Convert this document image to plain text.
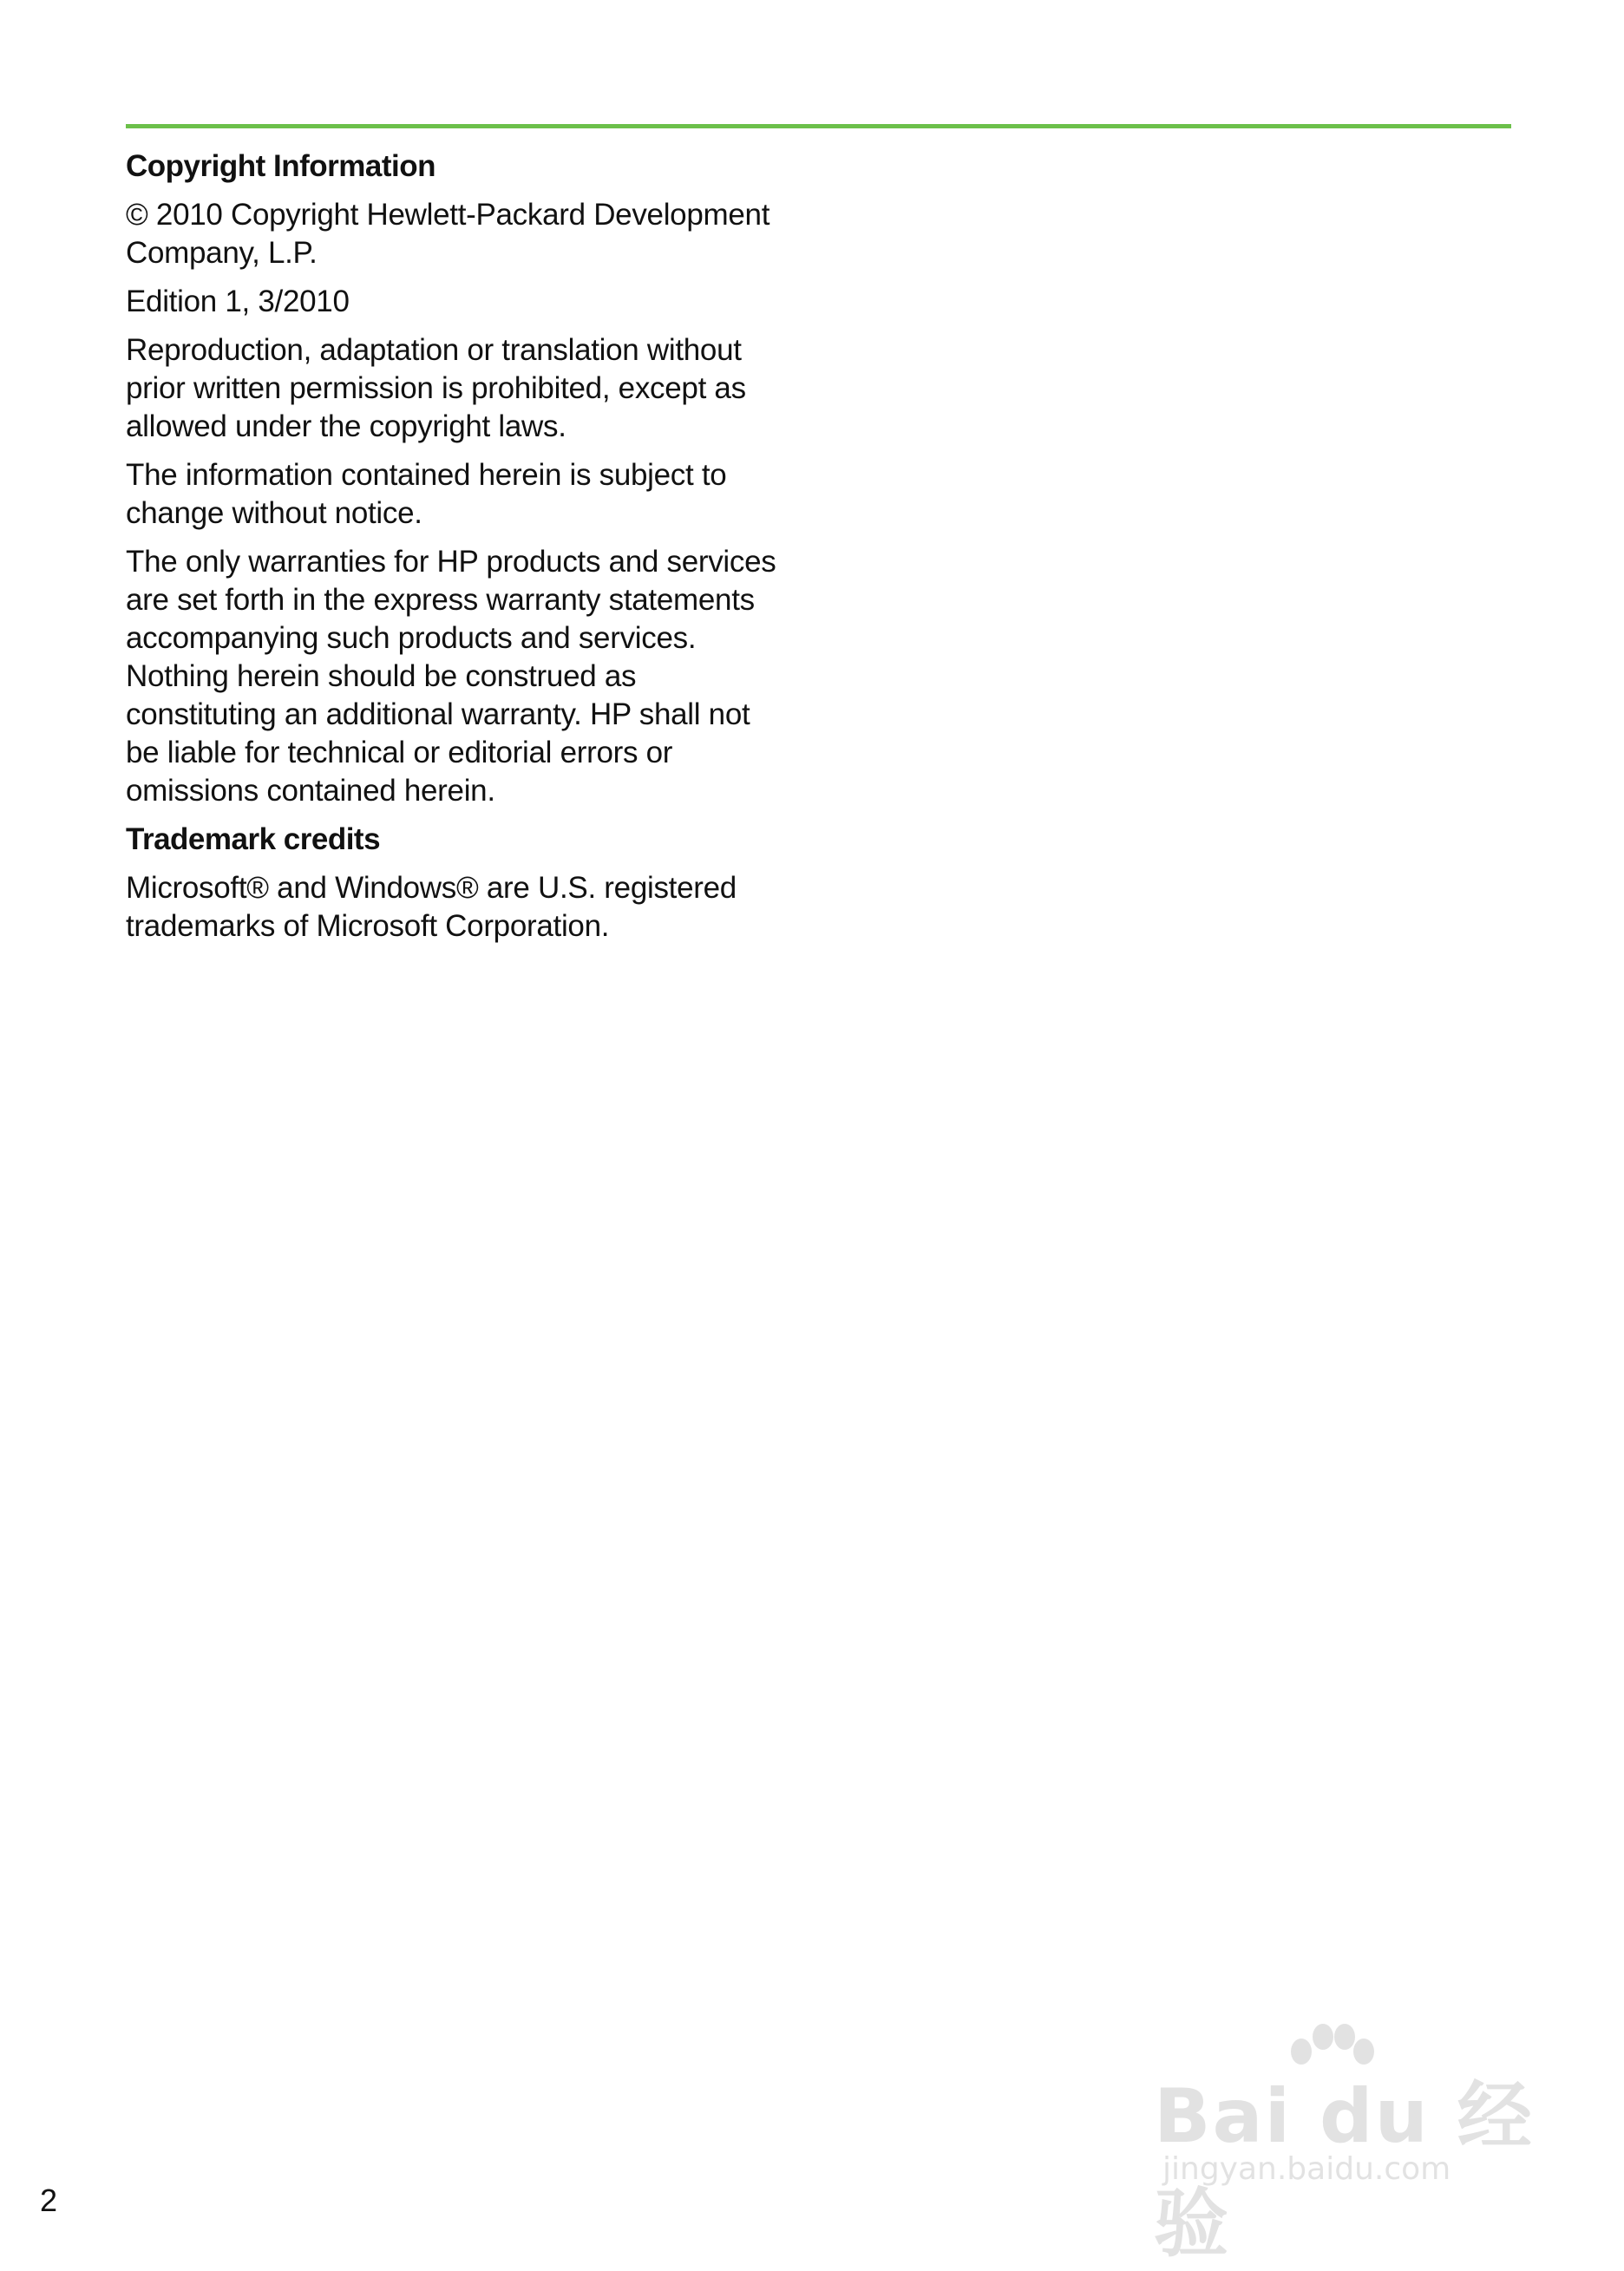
Copyright Information
© 2010 Copyright Hewlett-Packard Development
Company, L.P.
Edition 1, 3/2010
Reproduction, adaptation or translation without
prior written permission is prohibited, except as
allowed under the copyright laws.
The information contained herein is subject to
change without notice.
The only warranties for HP products and services
are set forth in the express warranty statements
accompanying such products and services.
Nothing herein should be construed as
constituting an additional warranty. HP shall not
be liable for technical or editorial errors or
omissions contained herein.
Trademark credits
Microsoft® and Windows® are U.S. registered
trademarks of Microsoft Corporation.
2
Bai du 经验
jingyan.baidu.com
